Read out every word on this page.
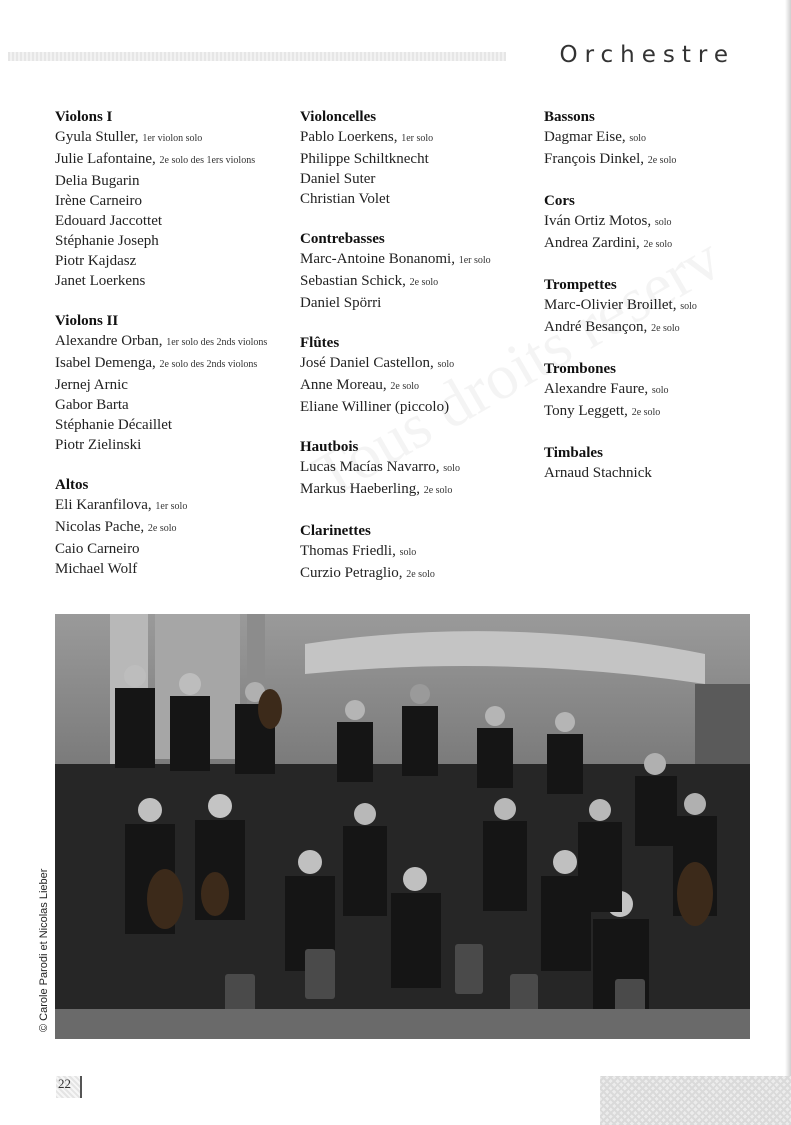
Orchestre
Violons I
Gyula Stuller, 1er violon solo
Julie Lafontaine, 2e solo des 1ers violons
Delia Bugarin
Irène Carneiro
Edouard Jaccottet
Stéphanie Joseph
Piotr Kajdasz
Janet Loerkens
Violons II
Alexandre Orban, 1er solo des 2nds violons
Isabel Demenga, 2e solo des 2nds violons
Jernej Arnic
Gabor Barta
Stéphanie Décaillet
Piotr Zielinski
Altos
Eli Karanfilova, 1er solo
Nicolas Pache, 2e solo
Caio Carneiro
Michael Wolf
Violoncelles
Pablo Loerkens, 1er solo
Philippe Schiltknecht
Daniel Suter
Christian Volet
Contrebasses
Marc-Antoine Bonanomi, 1er solo
Sebastian Schick, 2e solo
Daniel Spörri
Flûtes
José Daniel Castellon, solo
Anne Moreau, 2e solo
Eliane Williner (piccolo)
Hautbois
Lucas Macías Navarro, solo
Markus Haeberling, 2e solo
Clarinettes
Thomas Friedli, solo
Curzio Petraglio, 2e solo
Bassons
Dagmar Eise, solo
François Dinkel, 2e solo
Cors
Iván Ortiz Motos, solo
Andrea Zardini, 2e solo
Trompettes
Marc-Olivier Broillet, solo
André Besançon, 2e solo
Trombones
Alexandre Faure, solo
Tony Leggett, 2e solo
Timbales
Arnaud Stachnick
© Carole Parodi et Nicolas Lieber
22
